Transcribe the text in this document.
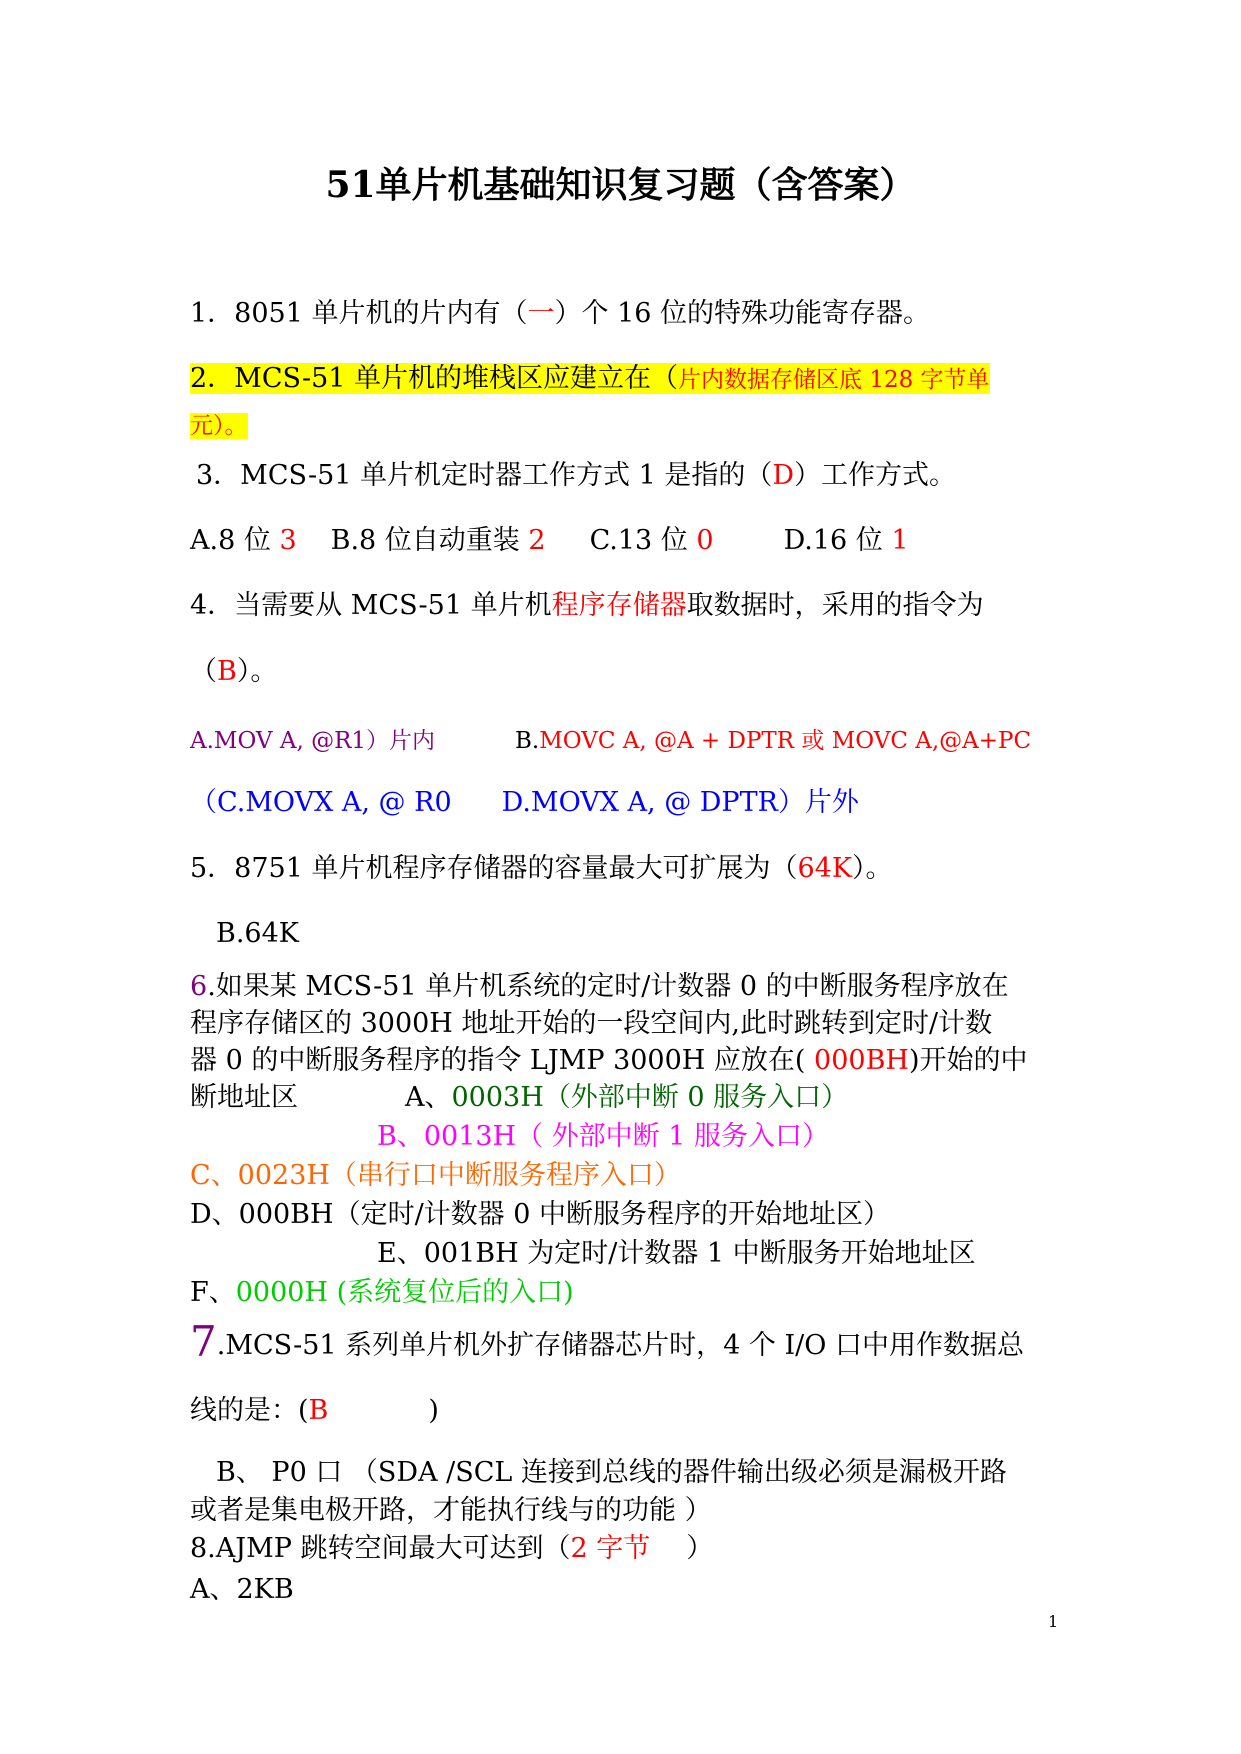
51单片机基础知识复习题（含答案）
1．8051 单片机的片内有（一）个 16 位的特殊功能寄存器。
2．MCS-51 单片机的堆栈区应建立在（片内数据存储区底 128 字节单
元）。
3．MCS-51 单片机定时器工作方式 1 是指的（D）工作方式。
A.8 位 3 B.8 位自动重装 2 C.13 位 0	D.16 位 1
4．当需要从 MCS-51 单片机程序存储器取数据时，采用的指令为
（B）。
A.MOV A, @R1）片内	B.MOVC A, @A + DPTR 或 MOVC A,@A+PC
（C.MOVX A, @ R0 D.MOVX A, @ DPTR）片外
5．8751 单片机程序存储器的容量最大可扩展为（64K）。
B.64K
6.如果某 MCS-51 单片机系统的定时/计数器 0 的中断服务程序放在
程序存储区的 3000H 地址开始的一段空间内,此时跳转到定时/计数
器 0 的中断服务程序的指令 LJMP 3000H 应放在( 000BH)开始的中
断地址区	A、0003H（外部中断 0 服务入口）
B、0013H（ 外部中断 1 服务入口）
C、0023H（串行口中断服务程序入口）
D、000BH（定时/计数器 0 中断服务程序的开始地址区）
E、001BH 为定时/计数器 1 中断服务开始地址区
F、0000H (系统复位后的入口)
7.MCS-51 系列单片机外扩存储器芯片时，4 个 I/O 口中用作数据总
线的是：(B	)
B、 P0 口 （SDA /SCL 连接到总线的器件输出级必须是漏极开路
或者是集电极开路，才能执行线与的功能 ）
8.AJMP 跳转空间最大可达到（2 字节 ）
A、2KB
1
